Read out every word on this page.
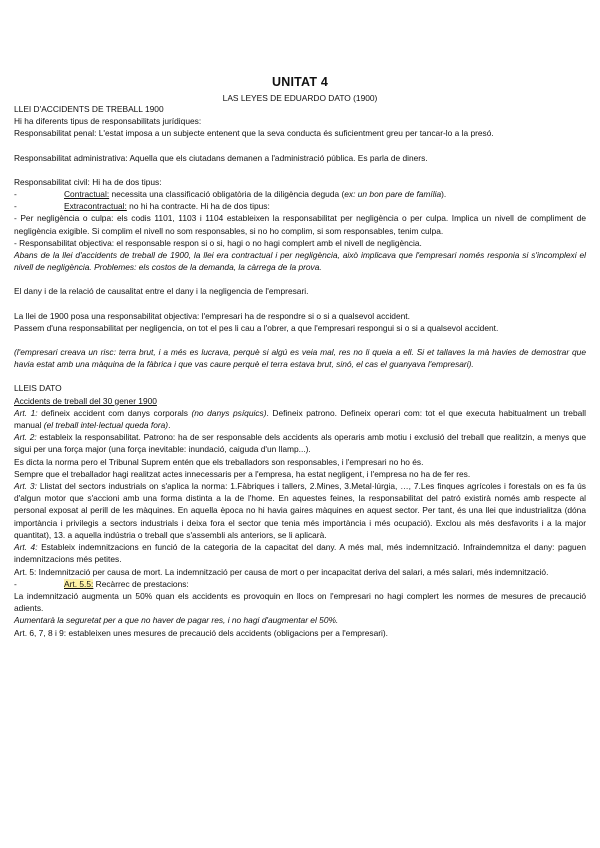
UNITAT 4
LAS LEYES DE EDUARDO DATO (1900)

LLEI D'ACCIDENTS DE TREBALL 1900

Hi ha diferents tipus de responsabilitats jurídiques:

Responsabilitat penal: L'estat imposa a un subjecte entenent que la seva conducta és suficientment greu per tancar-lo a la presó.

Responsabilitat administrativa: Aquella que els ciutadans demanen a l'administració pública. Es parla de diners.

Responsabilitat civil: Hi ha de dos tipus:

-	Contractual: necessita una classificació obligatòria de la diligència deguda (ex: un bon pare de família).

-	Extracontractual: no hi ha contracte. Hi ha de dos tipus:

- Per negligència o culpa: els codis 1101, 1103 i 1104 estableixen la responsabilitat per negligència o per culpa. Implica un nivell de compliment de negligència exigible. Si complim el nivell no som responsables, si no ho complim, si som responsables, tenim culpa.

- Responsabilitat objectiva: el responsable respon si o si, hagi o no hagi complert amb el nivell de negligència.

Abans de la llei d'accidents de treball de 1900, la llei era contractual i per negligència, això implicava que l'empresari només responia si s'incomplexi el nivell de negligència. Problemes: els costos de la demanda, la càrrega de la prova.

El dany i de la relació de causalitat entre el dany i la negligencia de l'empresari.

La llei de 1900 posa una responsabilitat objectiva: l'empresari ha de respondre si o si a qualsevol accident.

Passem d'una responsabilitat per negligencia, on tot el pes li cau a l'obrer, a que l'empresari respongui si o si a qualsevol accident.

(l'empresari creava un risc: terra brut, i a més es lucrava, perquè si algú es veia mal, res no li queia a ell. Si et tallaves la mà havies de demostrar que havia estat amb una màquina de la fàbrica i que vas caure perquè el terra estava brut, sinó, el cas el guanyava l'empresari).

LLEIS DATO

Accidents de treball del 30 gener 1900

Art. 1: defineix accident com danys corporals (no danys psíquics). Defineix patrono. Defineix operari com: tot el que executa habitualment un treball manual (el treball intel·lectual queda fora).

Art. 2: estableix la responsabilitat. Patrono: ha de ser responsable dels accidents als operaris amb motiu i exclusió del treball que realitzin, a menys que sigui per una força major (una força inevitable: inundació, caiguda d'un llamp...).

Es dicta la norma pero el Tribunal Suprem entén que els treballadors son responsables, i l'empresari no ho és.

Sempre que el treballador hagi realitzat actes innecessaris per a l'empresa, ha estat negligent, i l'empresa no ha de fer res.

Art. 3: Llistat del sectors industrials on s'aplica la norma: 1.Fàbriques i tallers, 2.Mines, 3.Metal·lúrgia, …, 7.Les finques agrícoles i forestals on es fa ús d'algun motor que s'accioni amb una forma distinta a la de l'home. En aquestes feines, la responsabilitat del patró existirà només amb respecte al personal exposat al perill de les màquines. En aquella època no hi havia gaires màquines en aquest sector. Per tant, és una llei que industrialitza (dóna importància i privilegis a sectors industrials i deixa fora el sector que tenia més importància i més ocupació). Exclou als més desfavorits i a la major quantitat), 13. a aquella indústria o treball que s'assembli als anteriors, se li aplicarà.

Art. 4: Estableix indemnitzacions en funció de la categoria de la capacitat del dany. A més mal, més indemnització. Infraindemnitza el dany: paguen indemnitzacions més petites.

Art. 5: Indemnització per causa de mort. La indemnització per causa de mort o per incapacitat deriva del salari, a més salari, més indemnització.

-	Art. 5.5: Recàrrec de prestacions:

La indemnització augmenta un 50% quan els accidents es provoquin en llocs on l'empresari no hagi complert les normes de mesures de precaució adients.

Aumentarà la seguretat per a que no haver de pagar res, i no hagi d'augmentar el 50%.

Art. 6, 7, 8 i 9: estableixen unes mesures de precaució dels accidents (obligacions per a l'empresari).
